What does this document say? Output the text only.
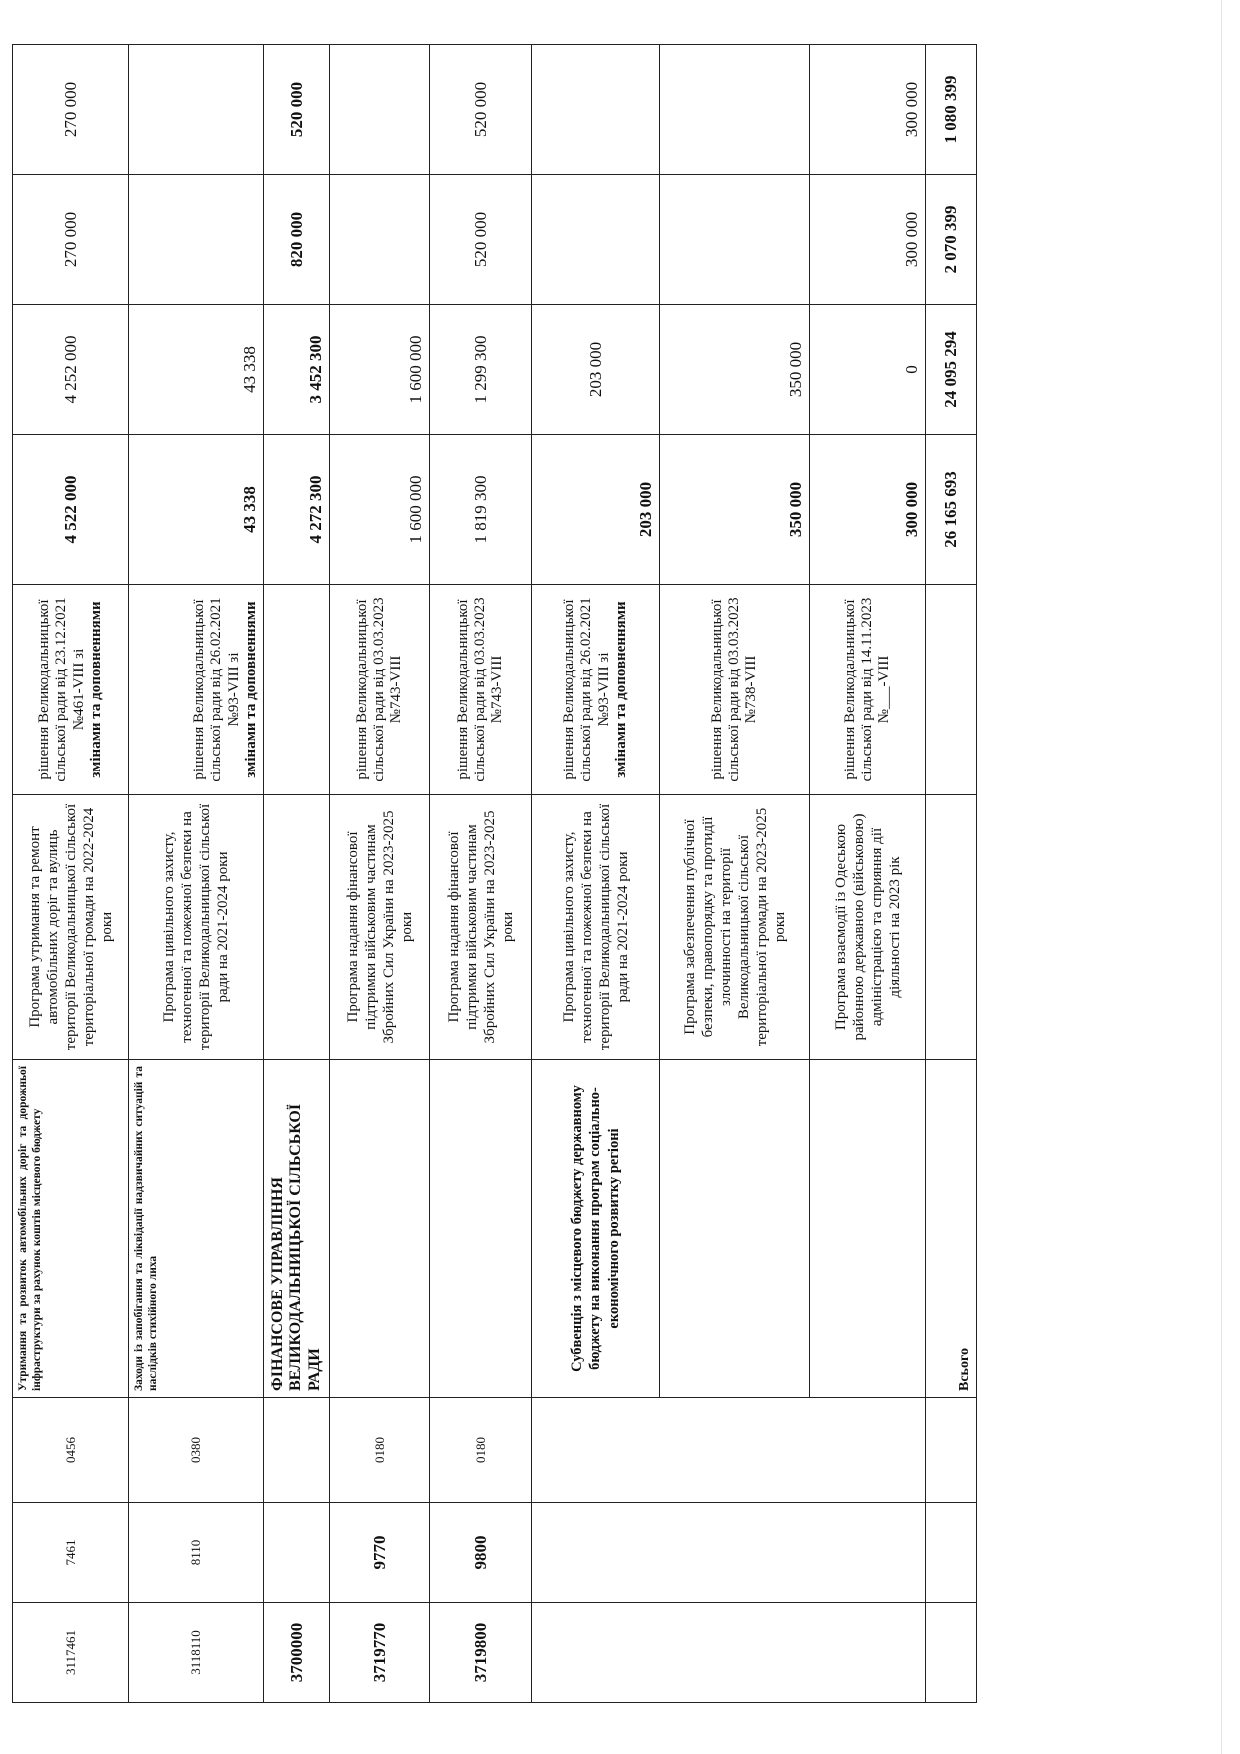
3117461	7461	0456	Утримання та розвиток автомобільних доріг та дорожньої інфраструктури за рахунок коштів місцевого бюджету	Програма утримання та ремонт автомобільних доріг та вулиць території Великодальницької сільської територіальної громади на 2022-2024 роки	рішення Великодальницької сільської ради від 23.12.2021 №461-VIII зі
змінами та доповненнями	4 522 000	4 252 000	270 000	270 000
3118110	8110	0380	Заходи із запобігання та ліквідації надзвичайних ситуацій та наслідків стихійного лиха	Програма цивільного захисту, техногенної та пожежної безпеки на території Великодальницької сільської ради на 2021-2024 роки	рішення Великодальницької сільської ради від 26.02.2021 №93-VIII зі
змінами та доповненнями	43 338	43 338		
3700000			ФІНАНСОВЕ УПРАВЛІННЯ ВЕЛИКОДАЛЬНИЦЬКОЇ СІЛЬСЬКОЇ РАДИ			4 272 300	3 452 300	820 000	520 000
3719770	9770	0180		Програма надання фінансової підтримки військовим частинам Збройних Сил України на 2023-2025 роки	рішення Великодальницької сільської ради від 03.03.2023 №743-VIII	1 600 000	1 600 000		
3719800	9800	0180		Програма надання фінансової підтримки військовим частинам Збройних Сил України на 2023-2025 роки	рішення Великодальницької сільської ради від 03.03.2023 №743-VIII	1 819 300	1 299 300	520 000	520 000
			Субвенція з місцевого бюджету державному бюджету на виконання програм соціально-економічного розвитку регіоні	Програма цивільного захисту, техногенної та пожежної безпеки на території Великодальницької сільської ради на 2021-2024 роки	рішення Великодальницької сільської ради від 26.02.2021 №93-VIII зі
змінами та доповненнями	203 000	203 000		
				Програма забезпечення публічної безпеки, правопорядку та протидії злочинності на території Великодальницької сільської територіальної громади на 2023-2025 роки	рішення Великодальницької сільської ради від 03.03.2023 №738-VIII	350 000	350 000		
				Програма взаємодії із Одеською районною державною (військовою) адміністрацією та сприяння дії діяльності на 2023 рік	рішення Великодальницької сільської ради від 14.11.2023 №___-VIII	300 000	0	300 000	300 000
			Всього			26 165 693	24 095 294	2 070 399	1 080 399
